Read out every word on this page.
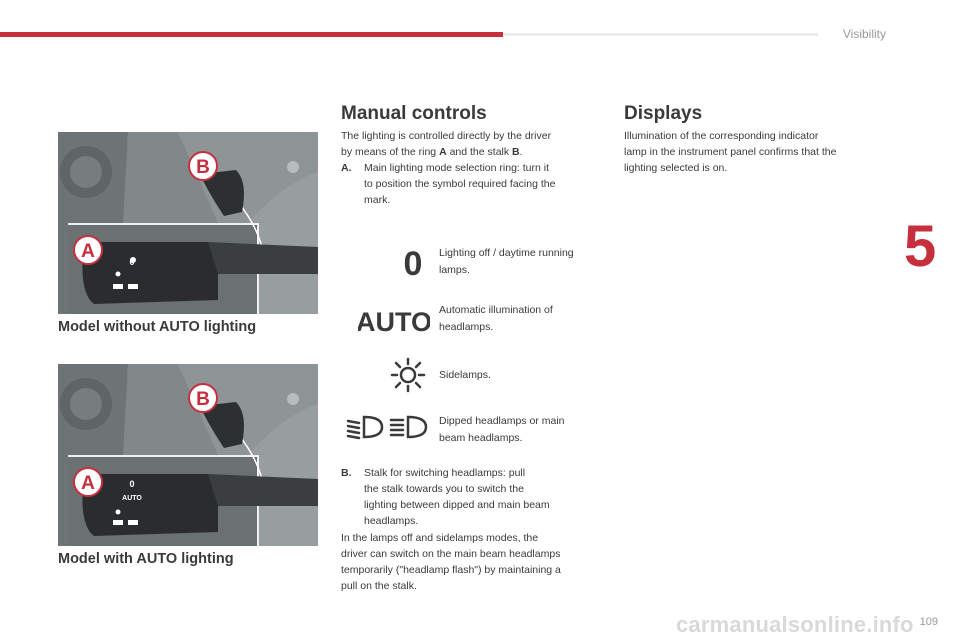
Visibility
5
A
B
0
Model without AUTO lighting
A
B
0
AUTO
Model with AUTO lighting
Manual controls
The lighting is controlled directly by the driver
by means of the ring A and the stalk B.
A. Main lighting mode selection ring: turn it
to position the symbol required facing the
mark.
0 Lighting off / daytime running
lamps.
AUTO Automatic illumination of
headlamps.
Sidelamps.
Dipped headlamps or main
beam headlamps.
B. Stalk for switching headlamps: pull
the stalk towards you to switch the
lighting between dipped and main beam
headlamps.
In the lamps off and sidelamps modes, the
driver can switch on the main beam headlamps
temporarily ("headlamp flash") by maintaining a
pull on the stalk.
Displays
Illumination of the corresponding indicator
lamp in the instrument panel confirms that the
lighting selected is on.
carmanualsonline.info 109
